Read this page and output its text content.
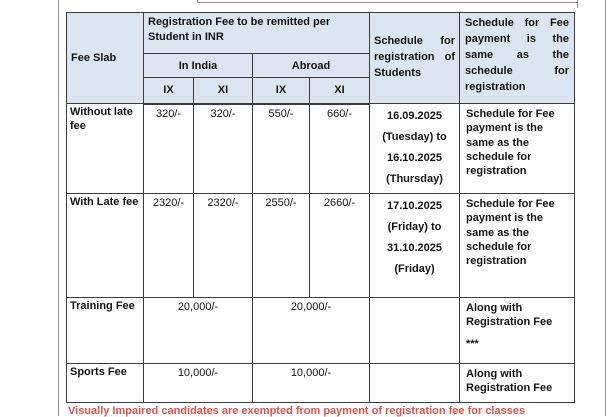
Fee Slab	Registration Fee to be remitted per Student in INR				Schedule for registration of Students	Schedule for Fee payment is the same as the schedule for registration
	In India		Abroad			
	IX	XI	IX	XI		
Without late fee	320/-	320/-	550/-	660/-	16.09.2025
(Tuesday) to
16.10.2025
(Thursday)	Schedule for Fee payment is the same as the schedule for registration
With Late fee	2320/-	2320/-	2550/-	2660/-	17.10.2025
(Friday) to
31.10.2025
(Friday)	Schedule for Fee payment is the same as the schedule for registration
Training Fee	20,000/-		20,000/-			Along with Registration Fee
***

Sports Fee	10,000/-		10,000/-			Along with Registration Fee
Visually Impaired candidates are exempted from payment of registration fee for classes
